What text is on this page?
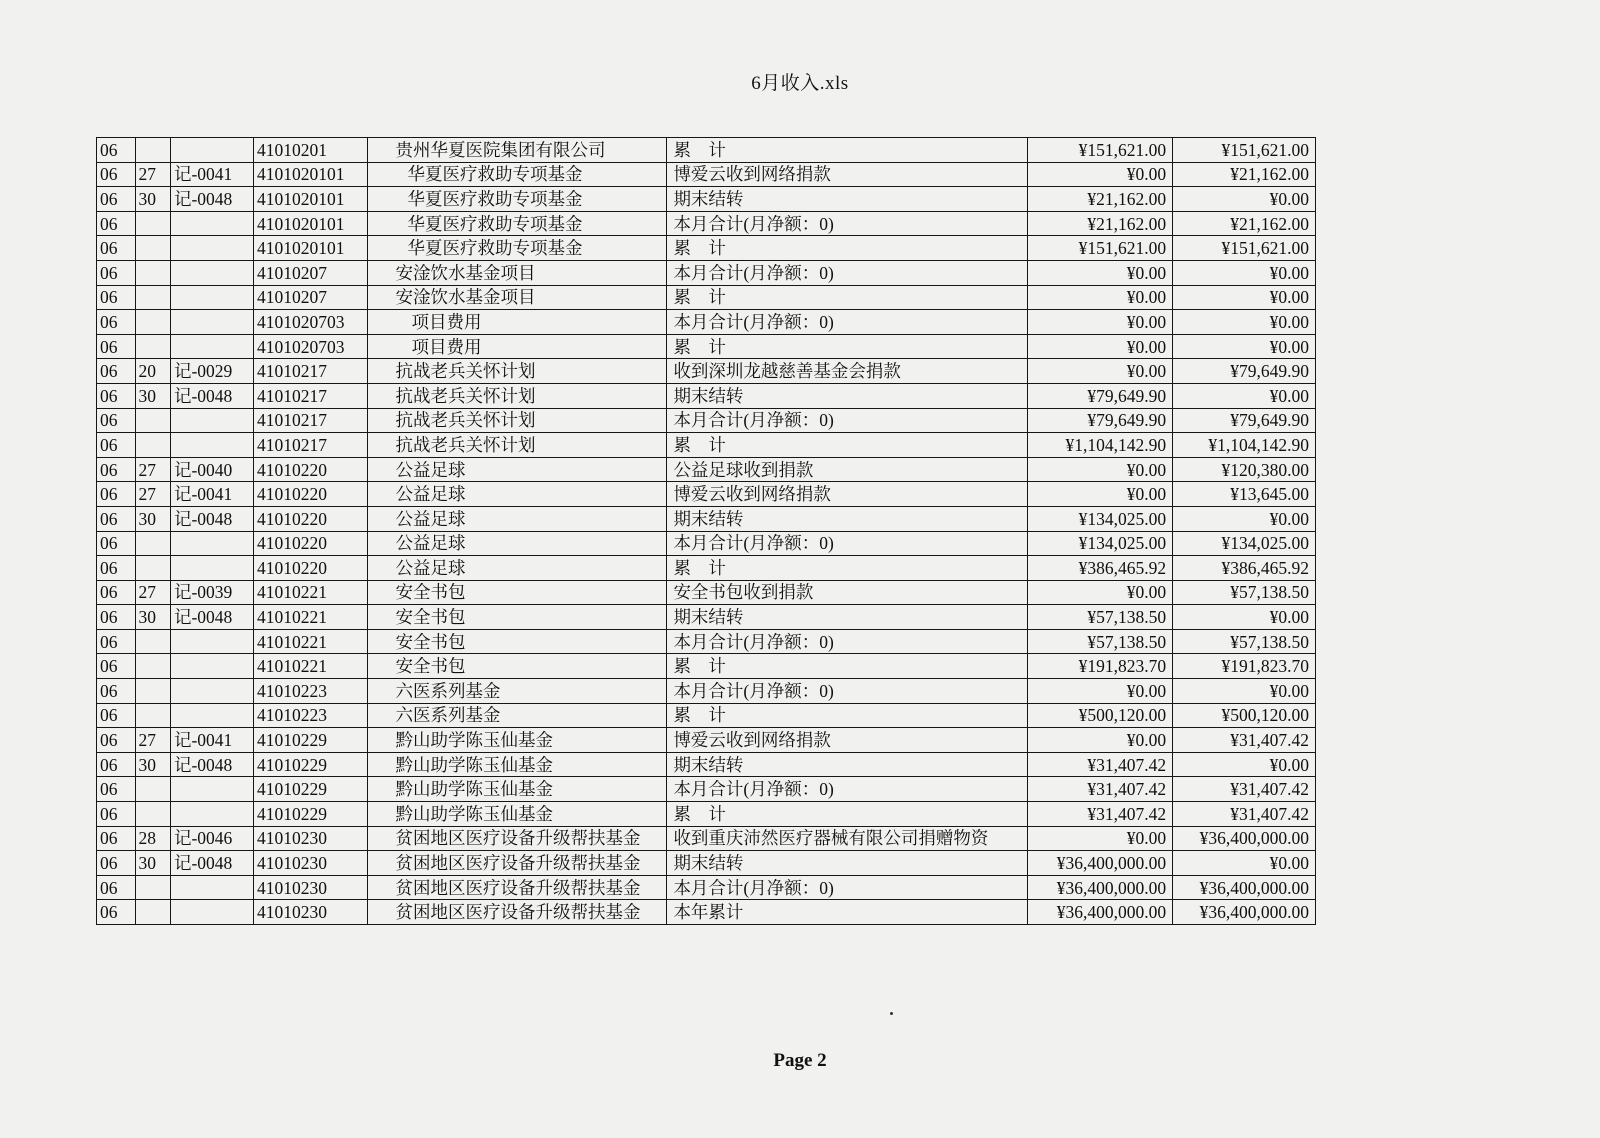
6月收入.xls
06			41010201	贵州华夏医院集团有限公司	累　计	¥151,621.00	¥151,621.00
06	27	记-0041	4101020101	华夏医疗救助专项基金	博爱云收到网络捐款	¥0.00	¥21,162.00
06	30	记-0048	4101020101	华夏医疗救助专项基金	期末结转	¥21,162.00	¥0.00
06			4101020101	华夏医疗救助专项基金	本月合计(月净额：0)	¥21,162.00	¥21,162.00
06			4101020101	华夏医疗救助专项基金	累　计	¥151,621.00	¥151,621.00
06			41010207	安淦饮水基金项目	本月合计(月净额：0)	¥0.00	¥0.00
06			41010207	安淦饮水基金项目	累　计	¥0.00	¥0.00
06			4101020703	项目费用	本月合计(月净额：0)	¥0.00	¥0.00
06			4101020703	项目费用	累　计	¥0.00	¥0.00
06	20	记-0029	41010217	抗战老兵关怀计划	收到深圳龙越慈善基金会捐款	¥0.00	¥79,649.90
06	30	记-0048	41010217	抗战老兵关怀计划	期末结转	¥79,649.90	¥0.00
06			41010217	抗战老兵关怀计划	本月合计(月净额：0)	¥79,649.90	¥79,649.90
06			41010217	抗战老兵关怀计划	累　计	¥1,104,142.90	¥1,104,142.90
06	27	记-0040	41010220	公益足球	公益足球收到捐款	¥0.00	¥120,380.00
06	27	记-0041	41010220	公益足球	博爱云收到网络捐款	¥0.00	¥13,645.00
06	30	记-0048	41010220	公益足球	期末结转	¥134,025.00	¥0.00
06			41010220	公益足球	本月合计(月净额：0)	¥134,025.00	¥134,025.00
06			41010220	公益足球	累　计	¥386,465.92	¥386,465.92
06	27	记-0039	41010221	安全书包	安全书包收到捐款	¥0.00	¥57,138.50
06	30	记-0048	41010221	安全书包	期末结转	¥57,138.50	¥0.00
06			41010221	安全书包	本月合计(月净额：0)	¥57,138.50	¥57,138.50
06			41010221	安全书包	累　计	¥191,823.70	¥191,823.70
06			41010223	六医系列基金	本月合计(月净额：0)	¥0.00	¥0.00
06			41010223	六医系列基金	累　计	¥500,120.00	¥500,120.00
06	27	记-0041	41010229	黔山助学陈玉仙基金	博爱云收到网络捐款	¥0.00	¥31,407.42
06	30	记-0048	41010229	黔山助学陈玉仙基金	期末结转	¥31,407.42	¥0.00
06			41010229	黔山助学陈玉仙基金	本月合计(月净额：0)	¥31,407.42	¥31,407.42
06			41010229	黔山助学陈玉仙基金	累　计	¥31,407.42	¥31,407.42
06	28	记-0046	41010230	贫困地区医疗设备升级帮扶基金	收到重庆沛然医疗器械有限公司捐赠物资	¥0.00	¥36,400,000.00
06	30	记-0048	41010230	贫困地区医疗设备升级帮扶基金	期末结转	¥36,400,000.00	¥0.00
06			41010230	贫困地区医疗设备升级帮扶基金	本月合计(月净额：0)	¥36,400,000.00	¥36,400,000.00
06			41010230	贫困地区医疗设备升级帮扶基金	本年累计	¥36,400,000.00	¥36,400,000.00
Page 2
